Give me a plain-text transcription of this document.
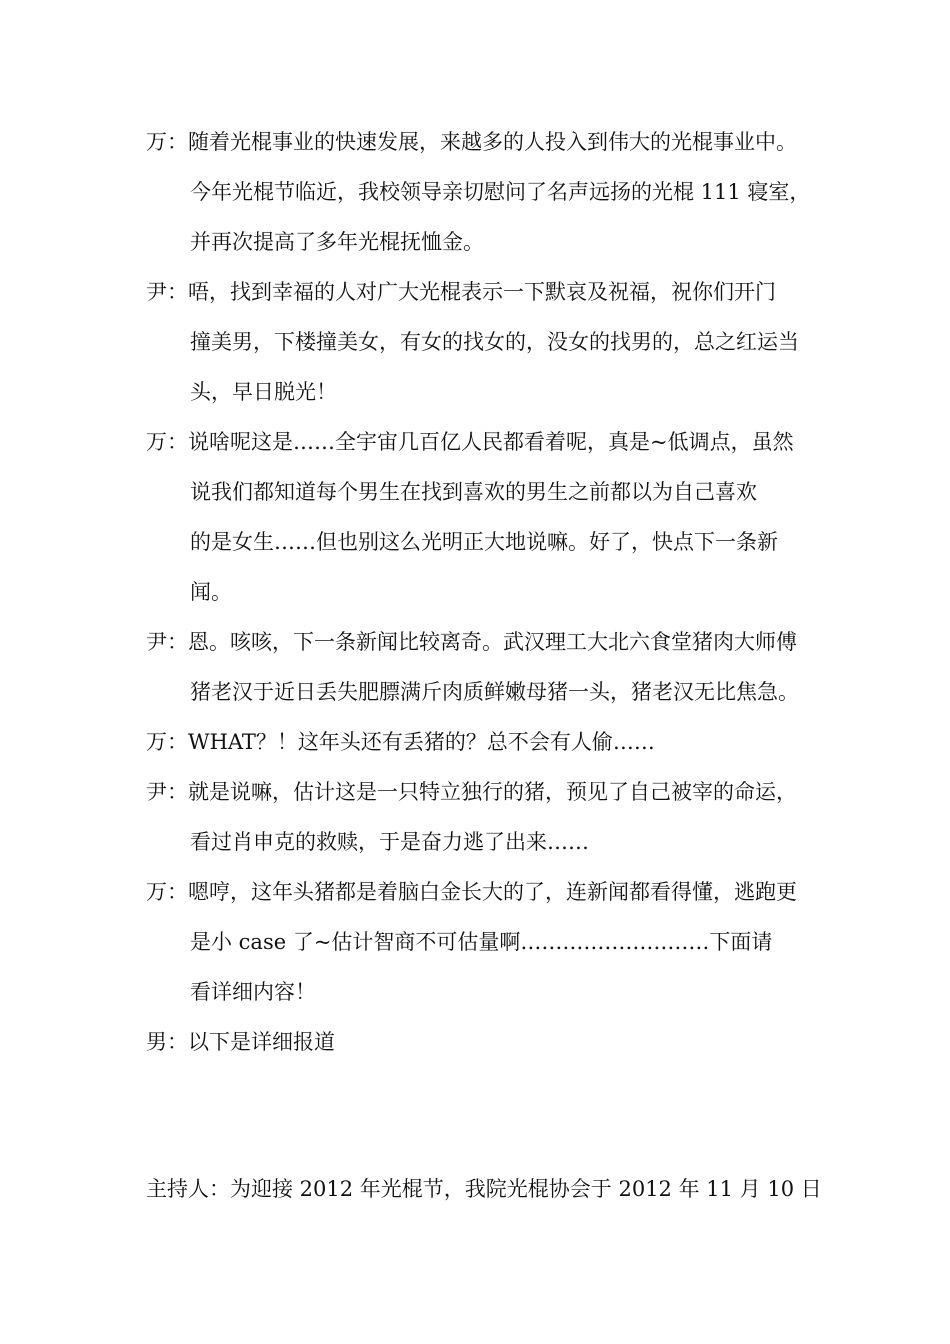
万：随着光棍事业的快速发展，来越多的人投入到伟大的光棍事业中。
今年光棍节临近，我校领导亲切慰问了名声远扬的光棍 111 寝室，
并再次提高了多年光棍抚恤金。
尹：唔，找到幸福的人对广大光棍表示一下默哀及祝福，祝你们开门
撞美男，下楼撞美女，有女的找女的，没女的找男的，总之红运当
头，早日脱光！
万：说啥呢这是……全宇宙几百亿人民都看着呢，真是~低调点，虽然
说我们都知道每个男生在找到喜欢的男生之前都以为自己喜欢
的是女生……但也别这么光明正大地说嘛。好了，快点下一条新
闻。
尹：恩。咳咳，下一条新闻比较离奇。武汉理工大北六食堂猪肉大师傅
猪老汉于近日丢失肥膘满斤肉质鲜嫩母猪一头，猪老汉无比焦急。
万：WHAT？！这年头还有丢猪的？总不会有人偷……
尹：就是说嘛，估计这是一只特立独行的猪，预见了自己被宰的命运，
看过肖申克的救赎，于是奋力逃了出来……
万：嗯哼，这年头猪都是着脑白金长大的了，连新闻都看得懂，逃跑更
是小 case 了~估计智商不可估量啊………………………下面请
看详细内容！
男：以下是详细报道
主持人：为迎接 2012 年光棍节，我院光棍协会于 2012 年 11 月 10 日
